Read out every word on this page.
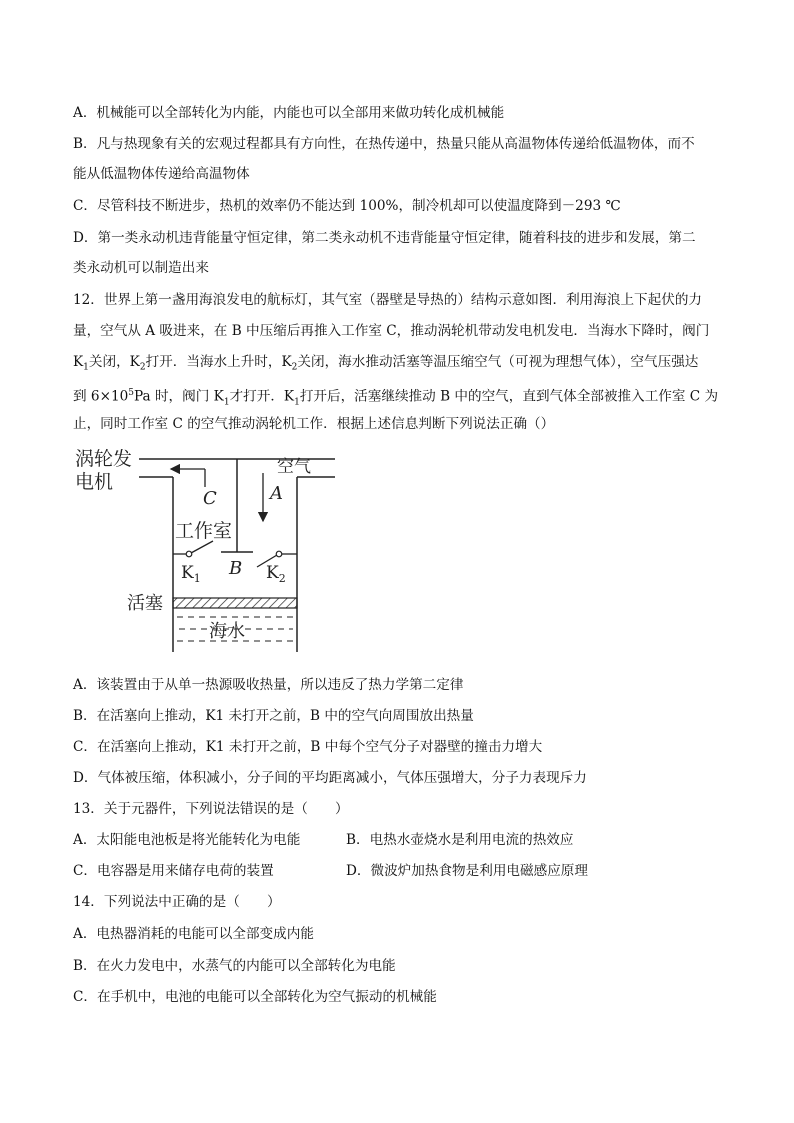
A．机械能可以全部转化为内能，内能也可以全部用来做功转化成机械能
B．凡与热现象有关的宏观过程都具有方向性，在热传递中，热量只能从高温物体传递给低温物体，而不
能从低温物体传递给高温物体
C．尽管科技不断进步，热机的效率仍不能达到 100%，制冷机却可以使温度降到－293 ℃
D．第一类永动机违背能量守恒定律，第二类永动机不违背能量守恒定律，随着科技的进步和发展，第二
类永动机可以制造出来
12．世界上第一盏用海浪发电的航标灯，其气室（器壁是导热的）结构示意如图．利用海浪上下起伏的力
量，空气从 A 吸进来，在 B 中压缩后再推入工作室 C，推动涡轮机带动发电机发电．当海水下降时，阀门
$K_1$关闭，$K_2$打开．当海水上升时，$K_2$关闭，海水推动活塞等温压缩空气（可视为理想气体），空气压强达
到 $6\times 10^5Pa$ 时，阀门 $K_1$才打开．$K_1$打开后，活塞继续推动 B 中的空气，直到气体全部被推入工作室 C 为
止，同时工作室 C 的空气推动涡轮机工作．根据上述信息判断下列说法正确（）
涡轮发
电机
空气
C	A
工作室
B
$K_1$	$K_2$
活塞
海水
A．该装置由于从单一热源吸收热量，所以违反了热力学第二定律
B．在活塞向上推动，K1 未打开之前，B 中的空气向周围放出热量
C．在活塞向上推动，K1 未打开之前，B 中每个空气分子对器壁的撞击力增大
D．气体被压缩，体积减小，分子间的平均距离减小，气体压强增大，分子力表现斥力
13．关于元器件，下列说法错误的是（　　）
A．太阳能电池板是将光能转化为电能	B．电热水壶烧水是利用电流的热效应
C．电容器是用来储存电荷的装置	D．微波炉加热食物是利用电磁感应原理
14．下列说法中正确的是（　　）
A．电热器消耗的电能可以全部变成内能
B．在火力发电中，水蒸气的内能可以全部转化为电能
C．在手机中，电池的电能可以全部转化为空气振动的机械能
